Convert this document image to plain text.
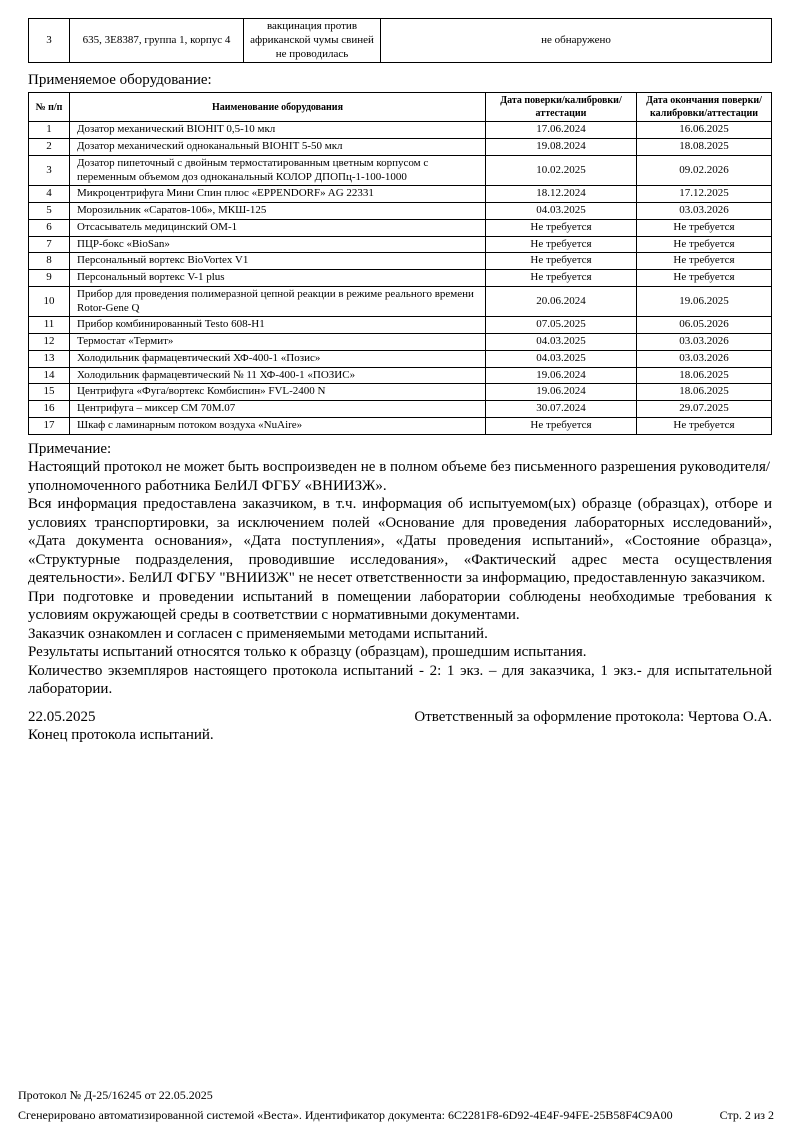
3	635, 3Е8387, группа 1, корпус 4	вакцинация против африканской чумы свиней не проводилась	не обнаружено
Применяемое оборудование:
№ п/п	Наименование оборудования	Дата поверки/калибровки/аттестации	Дата окончания поверки/калибровки/аттестации
1	Дозатор механический BIOHIT 0,5-10 мкл	17.06.2024	16.06.2025
2	Дозатор механический одноканальный BIOHIT 5-50 мкл	19.08.2024	18.08.2025
3	Дозатор пипеточный с двойным термостатированным цветным корпусом с переменным объемом доз одноканальный КОЛОР ДПОПц-1-100-1000	10.02.2025	09.02.2026
4	Микроцентрифуга Мини Спин плюс «EPPENDORF» AG 22331	18.12.2024	17.12.2025
5	Морозильник «Саратов-106», МКШ-125	04.03.2025	03.03.2026
6	Отсасыватель медицинский ОМ-1	Не требуется	Не требуется
7	ПЦР-бокс «BioSan»	Не требуется	Не требуется
8	Персональный вортекс BioVortex V1	Не требуется	Не требуется
9	Персональный вортекс V-1 plus	Не требуется	Не требуется
10	Прибор для проведения полимеразной цепной реакции в режиме реального времени Rotor-Gene Q	20.06.2024	19.06.2025
11	Прибор комбинированный Testo 608-H1	07.05.2025	06.05.2026
12	Термостат «Термит»	04.03.2025	03.03.2026
13	Холодильник фармацевтический ХФ-400-1 «Позис»	04.03.2025	03.03.2026
14	Холодильник фармацевтический № 11 ХФ-400-1 «ПОЗИС»	19.06.2024	18.06.2025
15	Центрифуга «Фуга/вортекс Комбиспин» FVL-2400 N	19.06.2024	18.06.2025
16	Центрифуга – миксер СМ 70М.07	30.07.2024	29.07.2025
17	Шкаф с ламинарным потоком воздуха «NuAire»	Не требуется	Не требуется
Примечание:

Настоящий протокол не может быть воспроизведен не в полном объеме без письменного разрешения руководителя/уполномоченного работника БелИЛ ФГБУ «ВНИИЗЖ».

Вся информация предоставлена заказчиком, в т.ч. информация об испытуемом(ых) образце (образцах), отборе и условиях транспортировки, за исключением полей «Основание для проведения лабораторных исследований», «Дата документа основания», «Дата поступления», «Даты проведения испытаний», «Состояние образца», «Структурные подразделения, проводившие исследования», «Фактический адрес места осуществления деятельности». БелИЛ ФГБУ "ВНИИЗЖ" не несет ответственности за информацию, предоставленную заказчиком.

При подготовке и проведении испытаний в помещении лаборатории соблюдены необходимые требования к условиям окружающей среды в соответствии с нормативными документами.

Заказчик ознакомлен и согласен с применяемыми методами испытаний.

Результаты испытаний относятся только к образцу (образцам), прошедшим испытания.

Количество экземпляров настоящего протокола испытаний - 2: 1 экз. – для заказчика, 1 экз.- для испытательной лаборатории.

22.05.2025	Ответственный за оформление протокола: Чертова О.А.
Конец протокола испытаний.
Протокол № Д-25/16245 от 22.05.2025
Сгенерировано автоматизированной системой «Веста». Идентификатор документа: 6C2281F8-6D92-4E4F-94FE-25B58F4C9A00	Стр. 2 из 2
